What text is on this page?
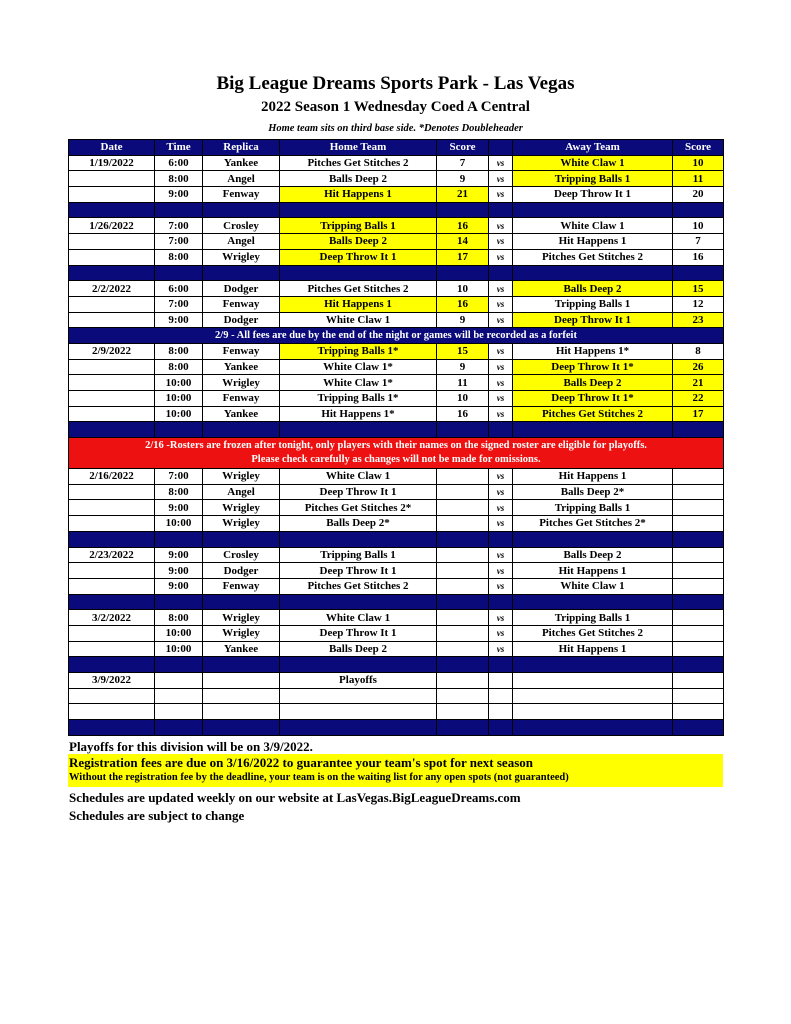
Big League Dreams Sports Park - Las Vegas
2022 Season 1 Wednesday Coed A Central
Home team sits on third base side. *Denotes Doubleheader
Date	Time	Replica	Home Team	Score		Away Team	Score
1/19/2022	6:00	Yankee	Pitches Get Stitches 2	7	vs	White Claw 1	10
	8:00	Angel	Balls Deep 2	9	vs	Tripping Balls 1	11
	9:00	Fenway	Hit Happens 1	21	vs	Deep Throw It 1	20

1/26/2022	7:00	Crosley	Tripping Balls 1	16	vs	White Claw 1	10
	7:00	Angel	Balls Deep 2	14	vs	Hit Happens 1	7
	8:00	Wrigley	Deep Throw It 1	17	vs	Pitches Get Stitches 2	16

2/2/2022	6:00	Dodger	Pitches Get Stitches 2	10	vs	Balls Deep 2	15
	7:00	Fenway	Hit Happens 1	16	vs	Tripping Balls 1	12
	9:00	Dodger	White Claw 1	9	vs	Deep Throw It 1	23
2/9 - All fees are due by the end of the night or games will be recorded as a forfeit							
2/9/2022	8:00	Fenway	Tripping Balls 1*	15	vs	Hit Happens 1*	8
	8:00	Yankee	White Claw 1*	9	vs	Deep Throw It 1*	26
	10:00	Wrigley	White Claw 1*	11	vs	Balls Deep 2	21
	10:00	Fenway	Tripping Balls 1*	10	vs	Deep Throw It 1*	22
	10:00	Yankee	Hit Happens 1*	16	vs	Pitches Get Stitches 2	17

2/16 -Rosters are frozen after tonight, only players with their names on the signed roster are eligible for playoffs.
Please check carefully as changes will not be made for omissions.							

2/16/2022	7:00	Wrigley	White Claw 1		vs	Hit Happens 1	
	8:00	Angel	Deep Throw It 1		vs	Balls Deep 2*	
	9:00	Wrigley	Pitches Get Stitches 2*		vs	Tripping Balls 1	
	10:00	Wrigley	Balls Deep 2*		vs	Pitches Get Stitches 2*	

2/23/2022	9:00	Crosley	Tripping Balls 1		vs	Balls Deep 2	
	9:00	Dodger	Deep Throw It 1		vs	Hit Happens 1	
	9:00	Fenway	Pitches Get Stitches 2		vs	White Claw 1	

3/2/2022	8:00	Wrigley	White Claw 1		vs	Tripping Balls 1	
	10:00	Wrigley	Deep Throw It 1		vs	Pitches Get Stitches 2	
	10:00	Yankee	Balls Deep 2		vs	Hit Happens 1	

3/9/2022			Playoffs				

Playoffs for this division will be on 3/9/2022.
Registration fees are due on 3/16/2022 to guarantee your team's spot for next season
Without the registration fee by the deadline, your team is on the waiting list for any open spots (not guaranteed)
Schedules are updated weekly on our website at LasVegas.BigLeagueDreams.com
Schedules are subject to change
